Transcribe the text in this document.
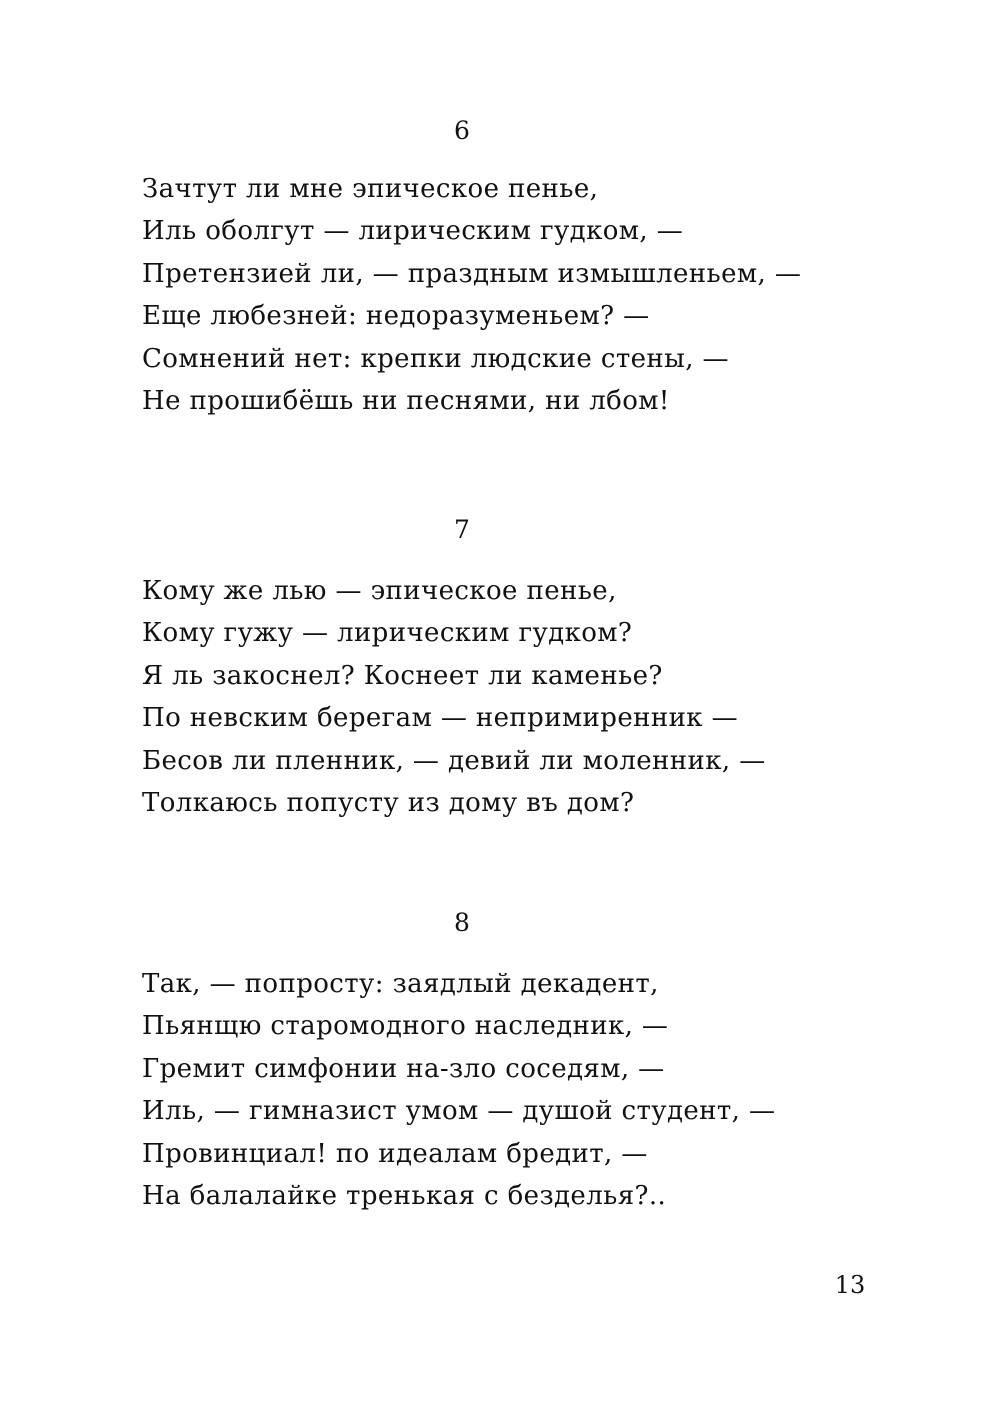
6
Зачтут ли мне эпическое пенье,
Иль оболгут — лирическим гудком, —
Претензией ли, — праздным измышленьем, —
Еще любезней: недоразуменьем? —
Сомнений нет: крепки людские стены, —
Не прошибёшь ни песнями, ни лбом!
7
Кому же лью — эпическое пенье,
Кому гужу — лирическим гудком?
Я ль закоснел? Коснеет ли каменье?
По невским берегам — непримиренник —
Бесов ли пленник, — девий ли моленник, —
Толкаюсь попусту из дому въ дом?
8
Так, — попросту: заядлый декадент,
Пьянщю старомодного наследник, —
Гремит симфонии на-зло соседям, —
Иль, — гимназист умом — душой студент, —
Провинциал! по идеалам бредит, —
На балалайке тренькая с безделья?..
13
